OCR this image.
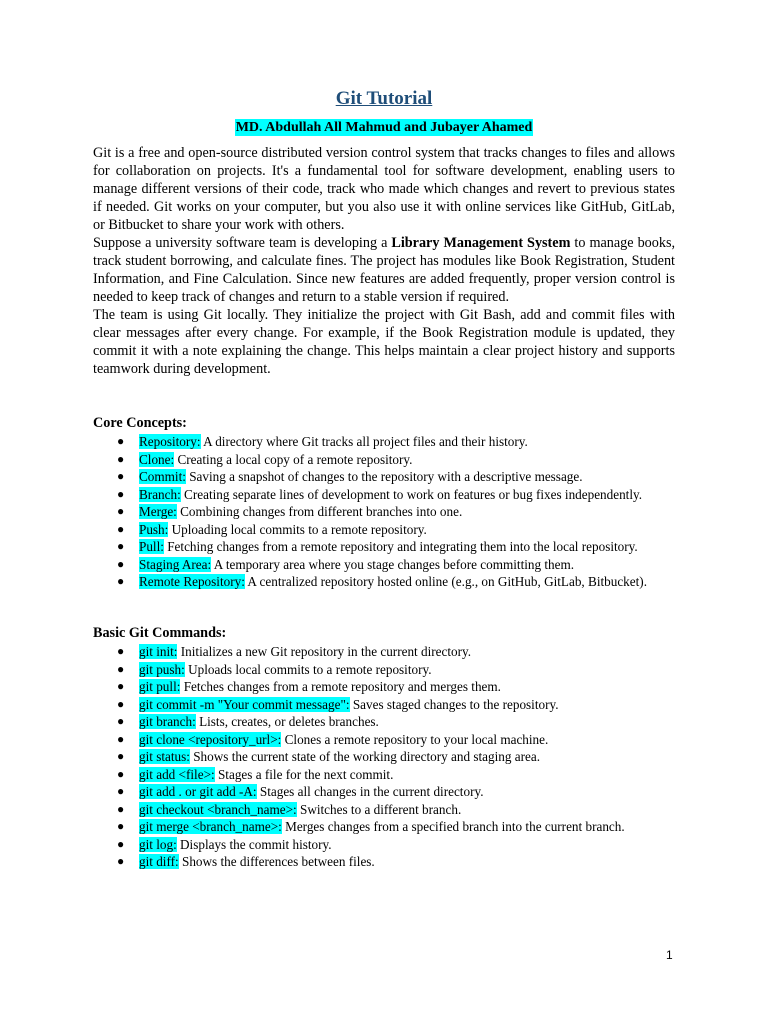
Git Tutorial
MD. Abdullah All Mahmud and Jubayer Ahamed

Git is a free and open-source distributed version control system that tracks changes to files and allows for collaboration on projects. It's a fundamental tool for software development, enabling users to manage different versions of their code, track who made which changes and revert to previous states if needed. Git works on your computer, but you also use it with online services like GitHub, GitLab, or Bitbucket to share your work with others.

Suppose a university software team is developing a Library Management System to manage books, track student borrowing, and calculate fines. The project has modules like Book Registration, Student Information, and Fine Calculation. Since new features are added frequently, proper version control is needed to keep track of changes and return to a stable version if required.

The team is using Git locally. They initialize the project with Git Bash, add and commit files with clear messages after every change. For example, if the Book Registration module is updated, they commit it with a note explaining the change. This helps maintain a clear project history and supports teamwork during development.

Core Concepts:
● Repository: A directory where Git tracks all project files and their history.
● Clone: Creating a local copy of a remote repository.
● Commit: Saving a snapshot of changes to the repository with a descriptive message.
● Branch: Creating separate lines of development to work on features or bug fixes independently.
● Merge: Combining changes from different branches into one.
● Push: Uploading local commits to a remote repository.
● Pull: Fetching changes from a remote repository and integrating them into the local repository.
● Staging Area: A temporary area where you stage changes before committing them.
● Remote Repository: A centralized repository hosted online (e.g., on GitHub, GitLab, Bitbucket).
Basic Git Commands:
● git init: Initializes a new Git repository in the current directory.
● git push: Uploads local commits to a remote repository.
● git pull: Fetches changes from a remote repository and merges them.
● git commit -m "Your commit message": Saves staged changes to the repository.
● git branch: Lists, creates, or deletes branches.
● git clone <repository_url>: Clones a remote repository to your local machine.
● git status: Shows the current state of the working directory and staging area.
● git add <file>: Stages a file for the next commit.
● git add . or git add -A: Stages all changes in the current directory.
● git checkout <branch_name>: Switches to a different branch.
● git merge <branch_name>: Merges changes from a specified branch into the current branch.
● git log: Displays the commit history.
● git diff: Shows the differences between files.
1
